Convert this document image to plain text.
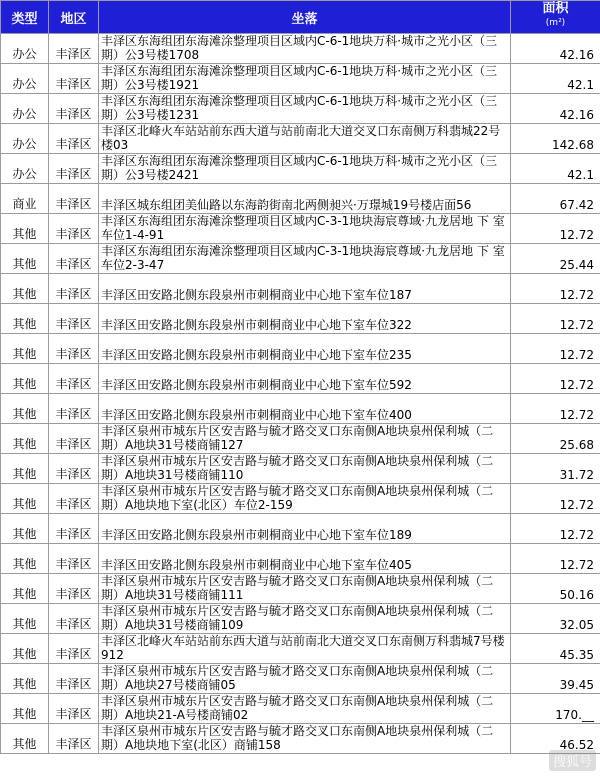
类型	地区	坐落	面积
(m²)

办公	丰泽区	丰泽区东海组团东海滩涂整理项目区域内C-6-1地块万科·城市之光小区（三期）公3号楼1708	42.16
办公	丰泽区	丰泽区东海组团东海滩涂整理项目区域内C-6-1地块万科·城市之光小区（三期）公3号楼1921	42.1
办公	丰泽区	丰泽区东海组团东海滩涂整理项目区域内C-6-1地块万科·城市之光小区（三期）公3号楼1231	42.16
办公	丰泽区	丰泽区北峰火车站站前东西大道与站前南北大道交叉口东南侧万科翡城22号楼03	142.68
办公	丰泽区	丰泽区东海组团东海滩涂整理项目区域内C-6-1地块万科·城市之光小区（三期）公3号楼2421	42.1
商业	丰泽区	丰泽区城东组团美仙路以东海韵街南北两侧昶兴·万璟城19号楼店面56	67.42
其他	丰泽区	丰泽区东海组团东海滩涂整理项目区域内C-3-1地块海宸尊域·九龙居地 下 室车位1-4-91	12.72
其他	丰泽区	丰泽区东海组团东海滩涂整理项目区域内C-3-1地块海宸尊域·九龙居地 下 室车位2-3-47	25.44
其他	丰泽区	丰泽区田安路北侧东段泉州市刺桐商业中心地下室车位187	12.72
其他	丰泽区	丰泽区田安路北侧东段泉州市刺桐商业中心地下室车位322	12.72
其他	丰泽区	丰泽区田安路北侧东段泉州市刺桐商业中心地下室车位235	12.72
其他	丰泽区	丰泽区田安路北侧东段泉州市刺桐商业中心地下室车位592	12.72
其他	丰泽区	丰泽区田安路北侧东段泉州市刺桐商业中心地下室车位400	12.72
其他	丰泽区	丰泽区泉州市城东片区安吉路与毓才路交叉口东南侧A地块泉州保利城（二期）A地块31号楼商铺127	25.68
其他	丰泽区	丰泽区泉州市城东片区安吉路与毓才路交叉口东南侧A地块泉州保利城（二期）A地块31号楼商铺110	31.72
其他	丰泽区	丰泽区泉州市城东片区安吉路与毓才路交叉口东南侧A地块泉州保利城（二期）A地块地下室(北区）车位2-159	12.72
其他	丰泽区	丰泽区田安路北侧东段泉州市刺桐商业中心地下室车位189	12.72
其他	丰泽区	丰泽区田安路北侧东段泉州市刺桐商业中心地下室车位405	12.72
其他	丰泽区	丰泽区泉州市城东片区安吉路与毓才路交叉口东南侧A地块泉州保利城（二期）A地块31号楼商铺111	50.16
其他	丰泽区	丰泽区泉州市城东片区安吉路与毓才路交叉口东南侧A地块泉州保利城（二期）A地块31号楼商铺109	32.05
其他	丰泽区	丰泽区北峰火车站站前东西大道与站前南北大道交叉口东南侧万科翡城7号楼912	45.35
其他	丰泽区	丰泽区泉州市城东片区安吉路与毓才路交叉口东南侧A地块泉州保利城（二期）A地块27号楼商铺05	39.45
其他	丰泽区	丰泽区泉州市城东片区安吉路与毓才路交叉口东南侧A地块泉州保利城（二期）A地块21-A号楼商铺02	170.__
其他	丰泽区	丰泽区泉州市城东片区安吉路与毓才路交叉口东南侧A地块泉州保利城（二期）A地块地下室(北区）商铺158	46.52
搜狐号
